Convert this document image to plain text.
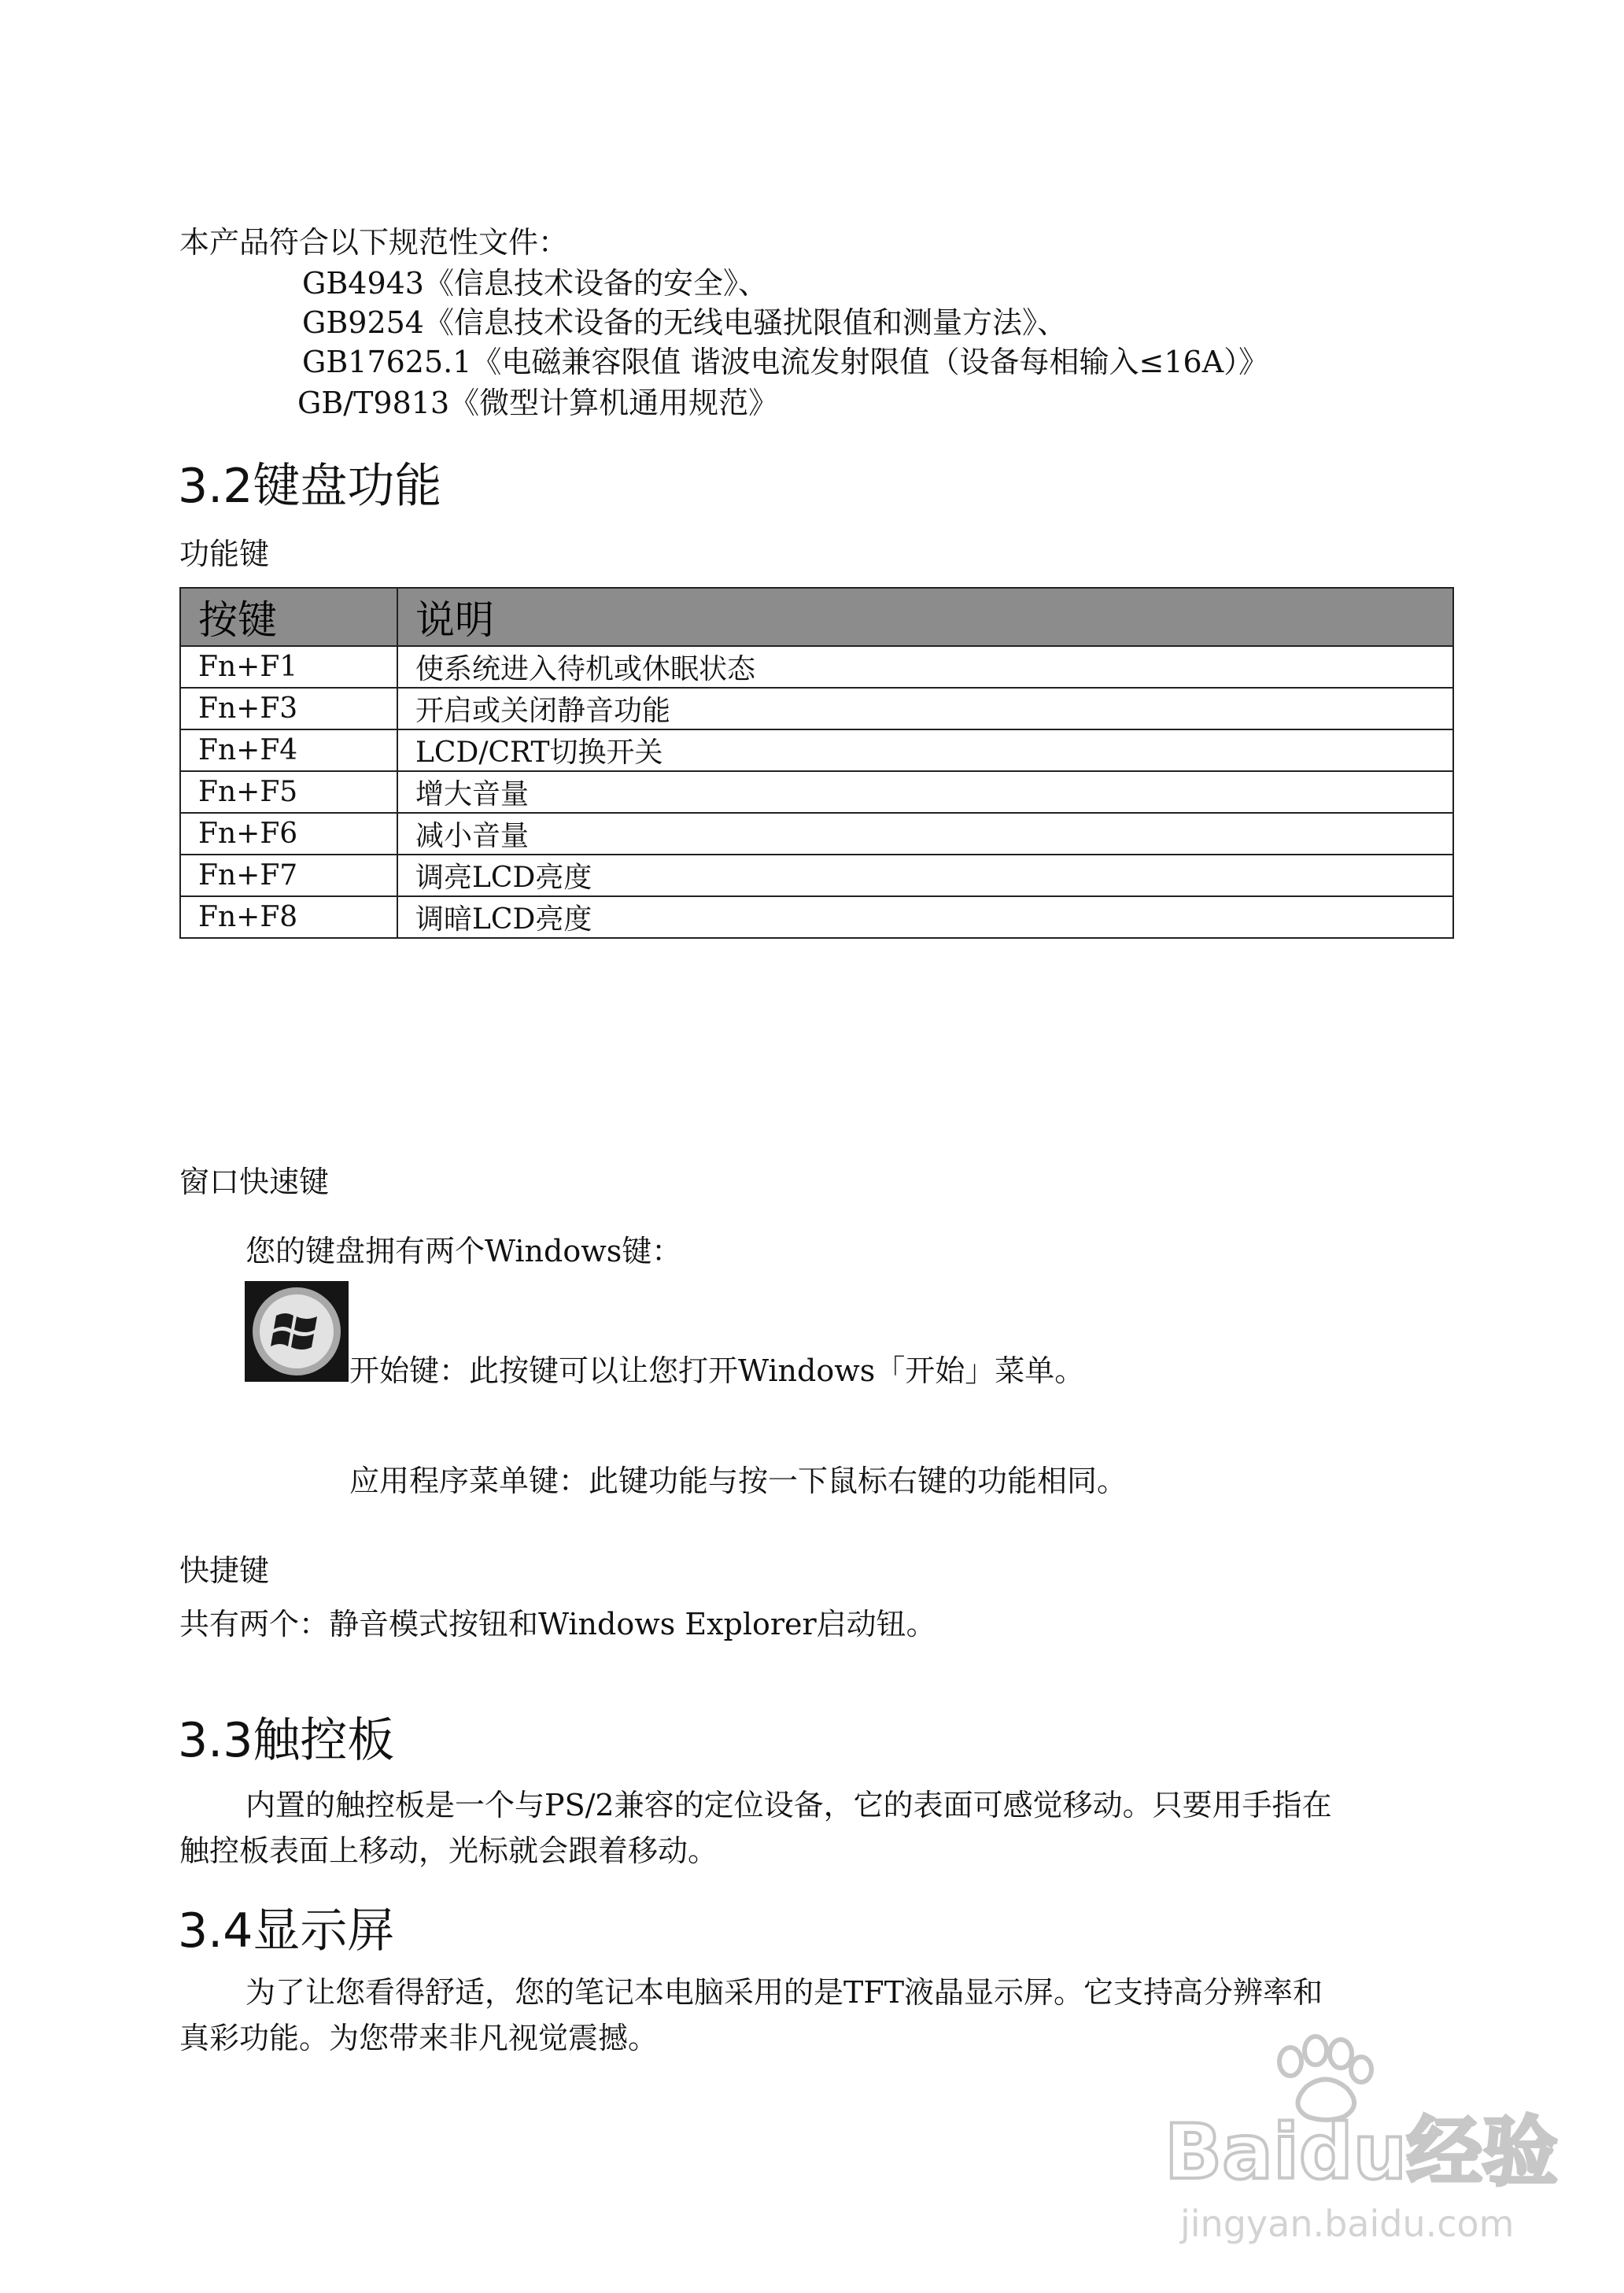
本产品符合以下规范性文件：
GB4943《信息技术设备的安全》、
GB9254《信息技术设备的无线电骚扰限值和测量方法》、
GB17625.1《电磁兼容限值 谐波电流发射限值（设备每相输入≤16A）》
GB/T9813《微型计算机通用规范》
3.2键盘功能
功能键
按键	说明
Fn+F1	使系统进入待机或休眠状态
Fn+F3	开启或关闭静音功能
Fn+F4	LCD/CRT切换开关
Fn+F5	增大音量
Fn+F6	减小音量
Fn+F7	调亮LCD亮度
Fn+F8	调暗LCD亮度
窗口快速键
您的键盘拥有两个Windows键：
开始键：此按键可以让您打开Windows「开始」菜单。
应用程序菜单键：此键功能与按一下鼠标右键的功能相同。
快捷键
共有两个：静音模式按钮和Windows Explorer启动钮。
3.3触控板
内置的触控板是一个与PS/2兼容的定位设备，它的表面可感觉移动。只要用手指在
触控板表面上移动，光标就会跟着移动。
3.4显示屏
为了让您看得舒适，您的笔记本电脑采用的是TFT液晶显示屏。它支持高分辨率和
真彩功能。为您带来非凡视觉震撼。
Baidu经验
jingyan.baidu.com
